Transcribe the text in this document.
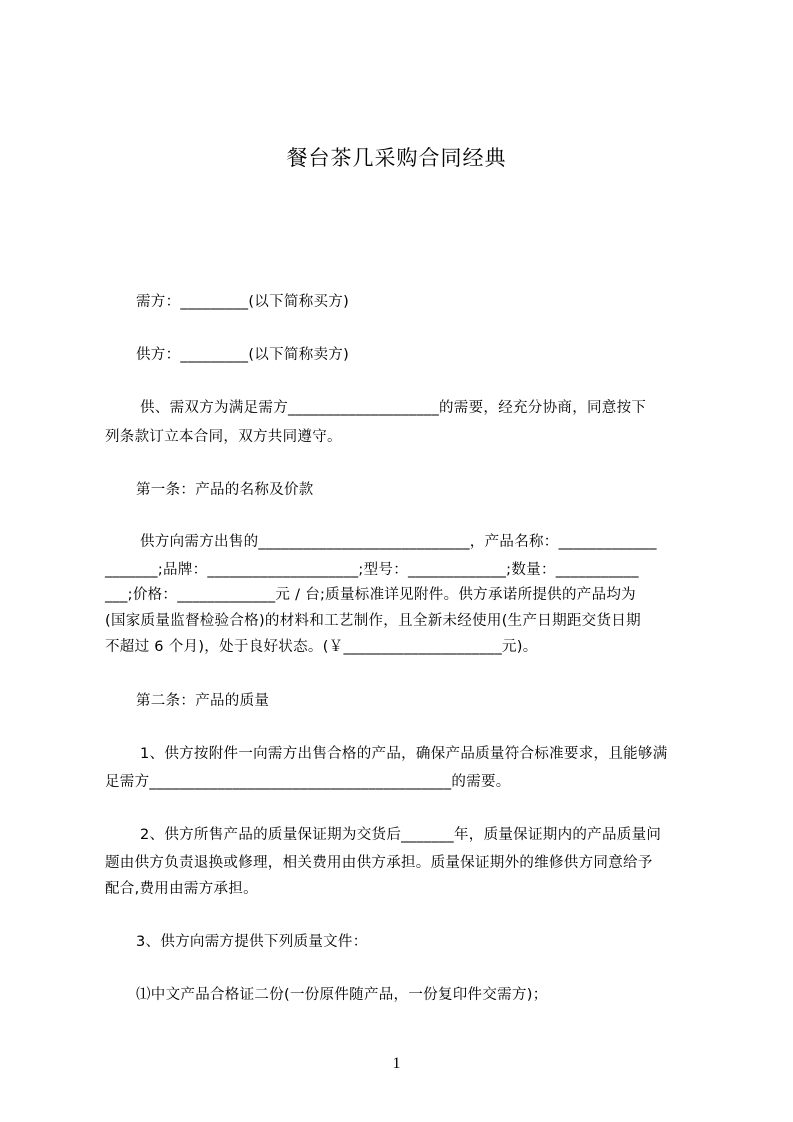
餐台茶几采购合同经典
需方：_________(以下简称买方)
供方：_________(以下简称卖方)
供、需双方为满足需方____________________的需要，经充分协商，同意按下
列条款订立本合同，双方共同遵守。
第一条：产品的名称及价款
供方向需方出售的____________________________，产品名称：_____________
_______;品牌：____________________;型号：_____________;数量：___________
___;价格：_____________元 / 台;质量标准详见附件。供方承诺所提供的产品均为
(国家质量监督检验合格)的材料和工艺制作，且全新未经使用(生产日期距交货日期
不超过 6 个月)，处于良好状态。(￥_____________________元)。
第二条：产品的质量
1、供方按附件一向需方出售合格的产品，确保产品质量符合标准要求，且能够满
足需方________________________________________的需要。
2、供方所售产品的质量保证期为交货后_______年，质量保证期内的产品质量问
题由供方负责退换或修理，相关费用由供方承担。质量保证期外的维修供方同意给予
配合,费用由需方承担。
3、供方向需方提供下列质量文件：
⑴中文产品合格证二份(一份原件随产品，一份复印件交需方)；
1
